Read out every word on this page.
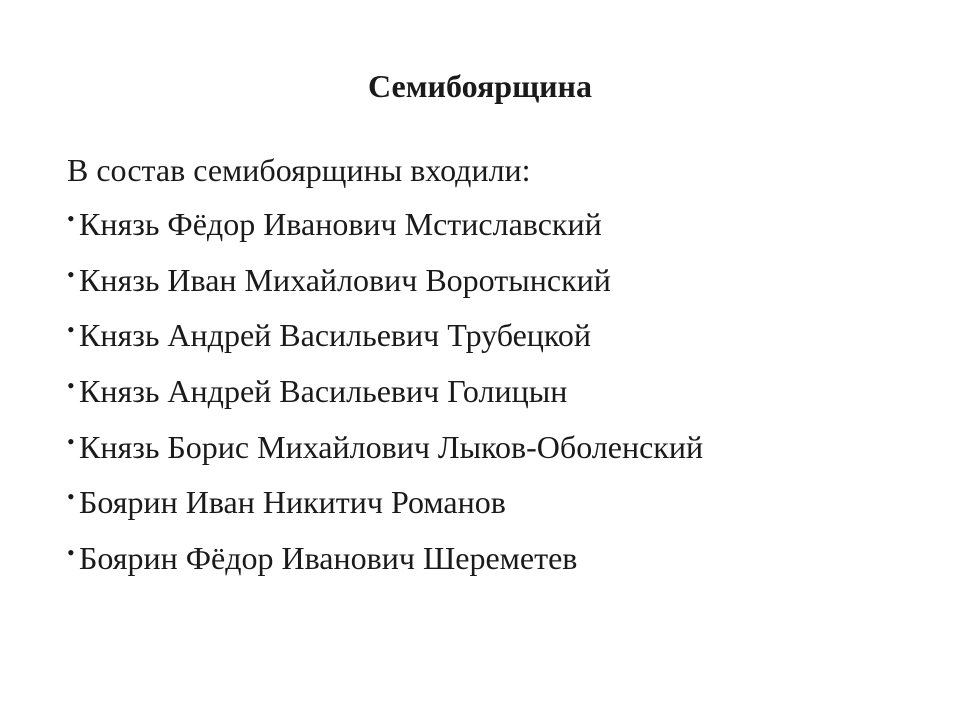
Семибоярщина

В состав семибоярщины входили:

• Князь Фёдор Иванович Мстиславский
• Князь Иван Михайлович Воротынский
• Князь Андрей Васильевич Трубецкой
• Князь Андрей Васильевич Голицын
• Князь Борис Михайлович Лыков-Оболенский
• Боярин Иван Никитич Романов
• Боярин Фёдор Иванович Шереметев
